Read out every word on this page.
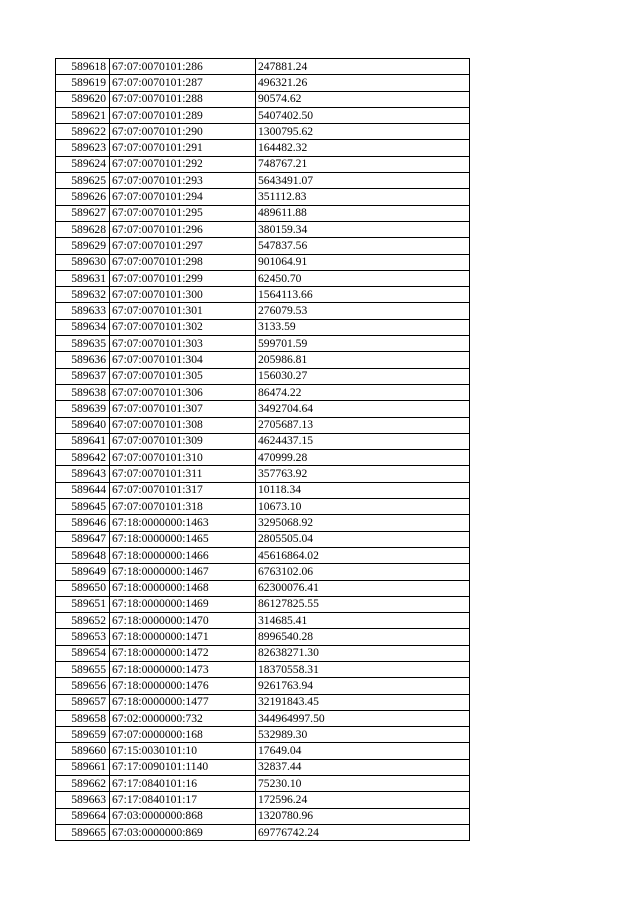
589618	67:07:0070101:286	247881.24
589619	67:07:0070101:287	496321.26
589620	67:07:0070101:288	90574.62
589621	67:07:0070101:289	5407402.50
589622	67:07:0070101:290	1300795.62
589623	67:07:0070101:291	164482.32
589624	67:07:0070101:292	748767.21
589625	67:07:0070101:293	5643491.07
589626	67:07:0070101:294	351112.83
589627	67:07:0070101:295	489611.88
589628	67:07:0070101:296	380159.34
589629	67:07:0070101:297	547837.56
589630	67:07:0070101:298	901064.91
589631	67:07:0070101:299	62450.70
589632	67:07:0070101:300	1564113.66
589633	67:07:0070101:301	276079.53
589634	67:07:0070101:302	3133.59
589635	67:07:0070101:303	599701.59
589636	67:07:0070101:304	205986.81
589637	67:07:0070101:305	156030.27
589638	67:07:0070101:306	86474.22
589639	67:07:0070101:307	3492704.64
589640	67:07:0070101:308	2705687.13
589641	67:07:0070101:309	4624437.15
589642	67:07:0070101:310	470999.28
589643	67:07:0070101:311	357763.92
589644	67:07:0070101:317	10118.34
589645	67:07:0070101:318	10673.10
589646	67:18:0000000:1463	3295068.92
589647	67:18:0000000:1465	2805505.04
589648	67:18:0000000:1466	45616864.02
589649	67:18:0000000:1467	6763102.06
589650	67:18:0000000:1468	62300076.41
589651	67:18:0000000:1469	86127825.55
589652	67:18:0000000:1470	314685.41
589653	67:18:0000000:1471	8996540.28
589654	67:18:0000000:1472	82638271.30
589655	67:18:0000000:1473	18370558.31
589656	67:18:0000000:1476	9261763.94
589657	67:18:0000000:1477	32191843.45
589658	67:02:0000000:732	344964997.50
589659	67:07:0000000:168	532989.30
589660	67:15:0030101:10	17649.04
589661	67:17:0090101:1140	32837.44
589662	67:17:0840101:16	75230.10
589663	67:17:0840101:17	172596.24
589664	67:03:0000000:868	1320780.96
589665	67:03:0000000:869	69776742.24
